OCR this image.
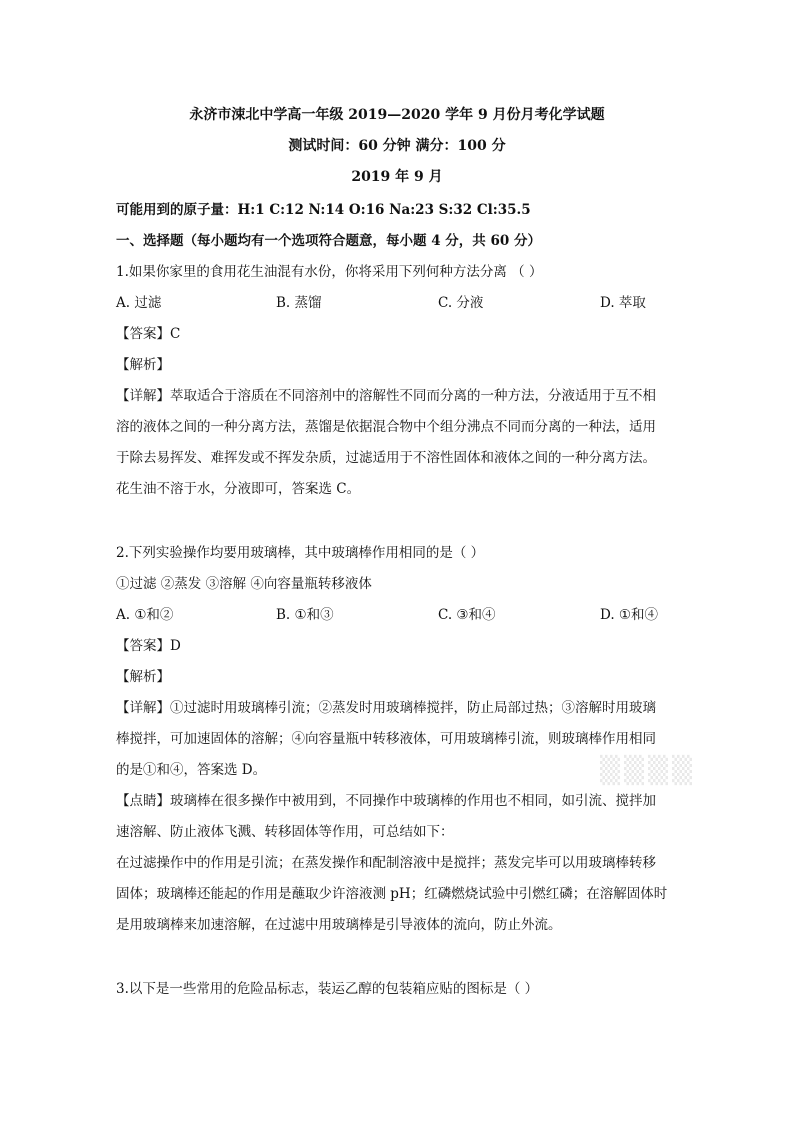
永济市涑北中学高一年级 2019—2020 学年 9 月份月考化学试题
测试时间：60 分钟 满分：100 分
2019 年 9 月
可能用到的原子量：H:1 C:12 N:14 O:16 Na:23 S:32 Cl:35.5
一、选择题（每小题均有一个选项符合题意，每小题 4 分，共 60 分）
1.如果你家里的食用花生油混有水份，你将采用下列何种方法分离 （ ）
A. 过滤	B. 蒸馏	C. 分液	D. 萃取
【答案】C
【解析】
【详解】萃取适合于溶质在不同溶剂中的溶解性不同而分离的一种方法，分液适用于互不相
溶的液体之间的一种分离方法，蒸馏是依据混合物中个组分沸点不同而分离的一种法，适用
于除去易挥发、难挥发或不挥发杂质，过滤适用于不溶性固体和液体之间的一种分离方法。
花生油不溶于水，分液即可，答案选 C。
2.下列实验操作均要用玻璃棒，其中玻璃棒作用相同的是（ ）
①过滤 ②蒸发 ③溶解 ④向容量瓶转移液体
A. ①和②	B. ①和③	C. ③和④	D. ①和④
【答案】D
【解析】
【详解】①过滤时用玻璃棒引流；②蒸发时用玻璃棒搅拌，防止局部过热；③溶解时用玻璃
棒搅拌，可加速固体的溶解；④向容量瓶中转移液体，可用玻璃棒引流，则玻璃棒作用相同
的是①和④，答案选 D。
【点睛】玻璃棒在很多操作中被用到，不同操作中玻璃棒的作用也不相同，如引流、搅拌加
速溶解、防止液体飞溅、转移固体等作用，可总结如下：
在过滤操作中的作用是引流；在蒸发操作和配制溶液中是搅拌；蒸发完毕可以用玻璃棒转移
固体；玻璃棒还能起的作用是蘸取少许溶液测 pH；红磷燃烧试验中引燃红磷；在溶解固体时
是用玻璃棒来加速溶解，在过滤中用玻璃棒是引导液体的流向，防止外流。
3.以下是一些常用的危险品标志，装运乙醇的包装箱应贴的图标是（ ）
▒▒▒▒
